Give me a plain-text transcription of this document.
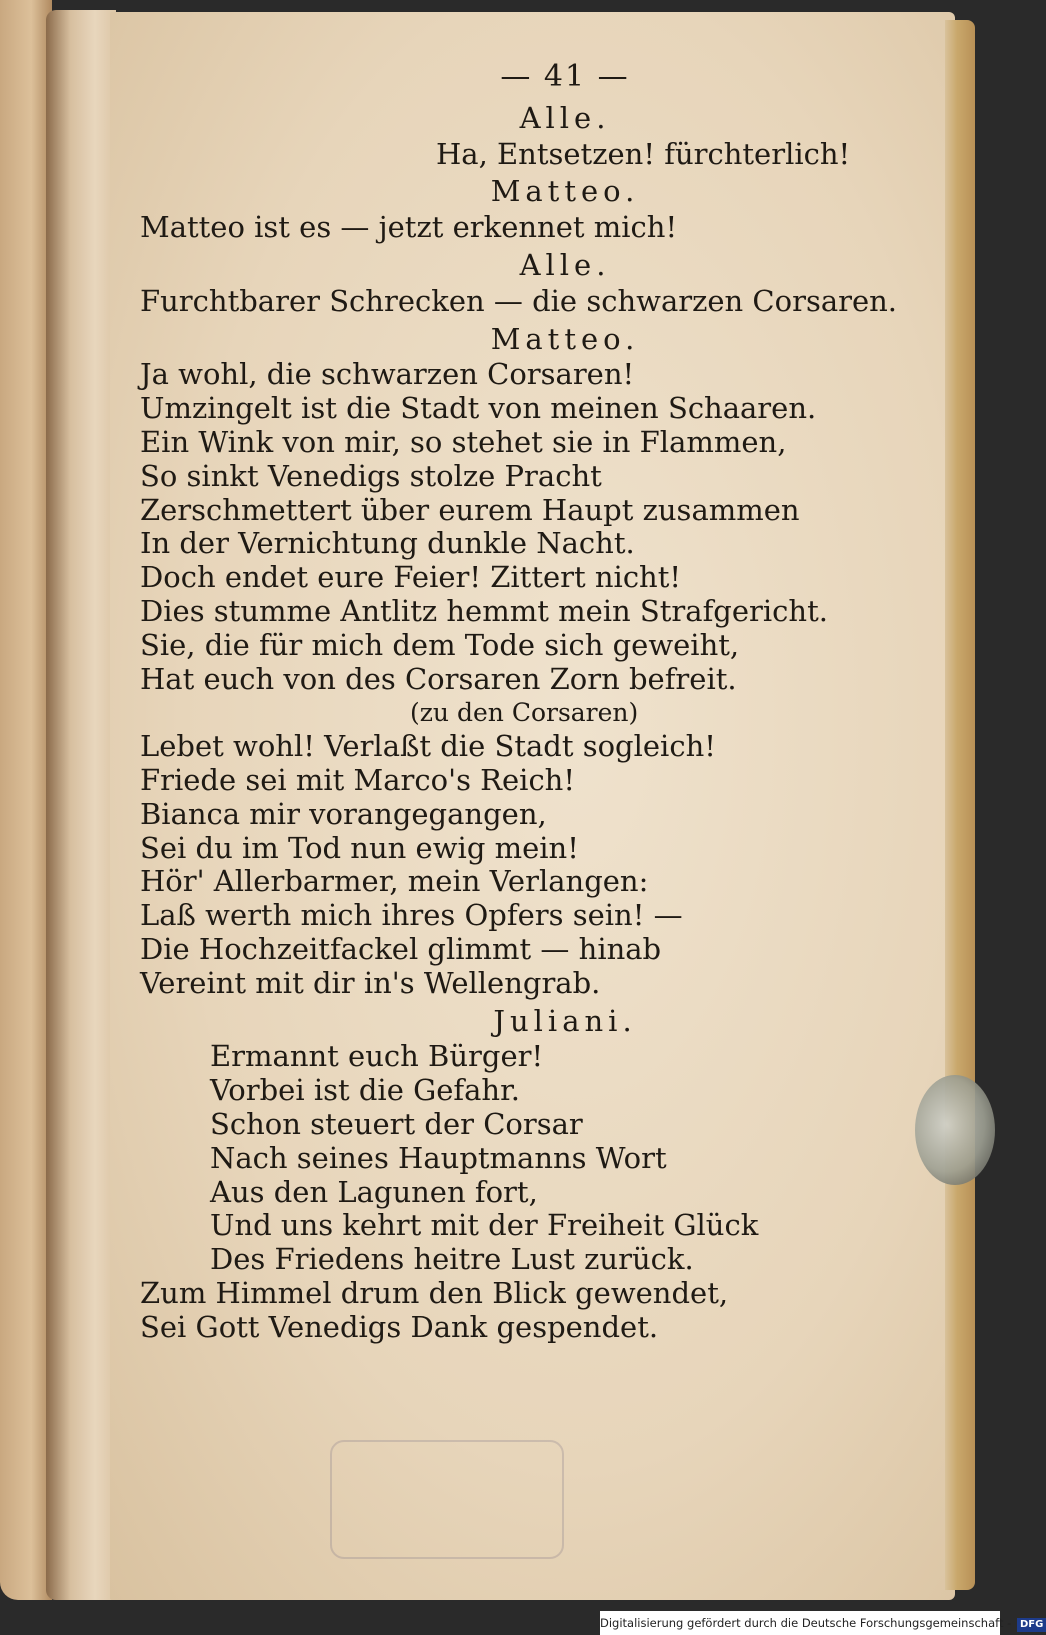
— 41 —
Alle.
Ha, Entsetzen! fürchterlich!
Matteo.
Matteo ist es — jetzt erkennet mich!
Alle.
Furchtbarer Schrecken — die schwarzen Corsaren.
Matteo.
Ja wohl, die schwarzen Corsaren!
Umzingelt ist die Stadt von meinen Schaaren.
Ein Wink von mir, so stehet sie in Flammen,
So sinkt Venedigs stolze Pracht
Zerschmettert über eurem Haupt zusammen
In der Vernichtung dunkle Nacht.
Doch endet eure Feier! Zittert nicht!
Dies stumme Antlitz hemmt mein Strafgericht.
Sie, die für mich dem Tode sich geweiht,
Hat euch von des Corsaren Zorn befreit.
(zu den Corsaren)
Lebet wohl! Verlaßt die Stadt sogleich!
Friede sei mit Marco's Reich!
Bianca mir vorangegangen,
Sei du im Tod nun ewig mein!
Hör' Allerbarmer, mein Verlangen:
Laß werth mich ihres Opfers sein! —
Die Hochzeitfackel glimmt — hinab
Vereint mit dir in's Wellengrab.
Juliani.
Ermannt euch Bürger!
Vorbei ist die Gefahr.
Schon steuert der Corsar
Nach seines Hauptmanns Wort
Aus den Lagunen fort,
Und uns kehrt mit der Freiheit Glück
Des Friedens heitre Lust zurück.
Zum Himmel drum den Blick gewendet,
Sei Gott Venedigs Dank gespendet.
Digitalisierung gefördert durch die Deutsche Forschungsgemeinschaft - DFG
